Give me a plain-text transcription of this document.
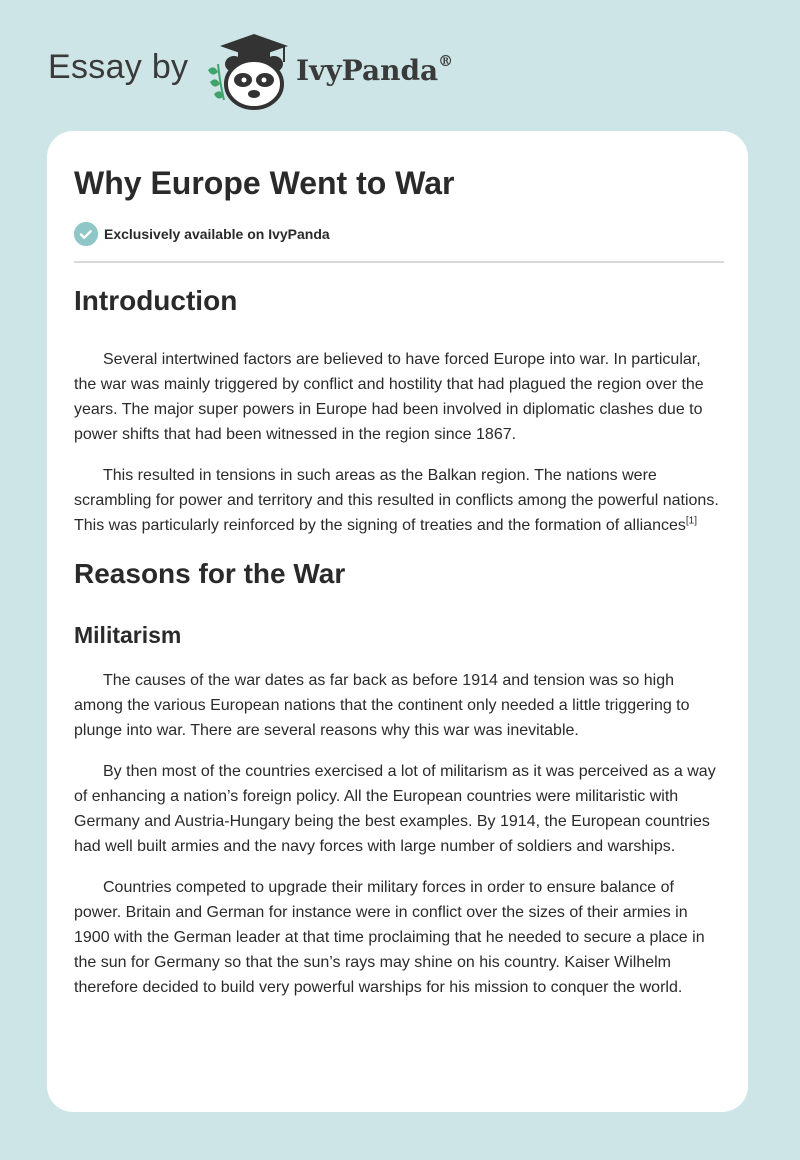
Essay by	IvyPanda®
Why Europe Went to War
Exclusively available on IvyPanda
Introduction

Several intertwined factors are believed to have forced Europe into war. In particular, the war was mainly triggered by conflict and hostility that had plagued the region over the years. The major super powers in Europe had been involved in diplomatic clashes due to power shifts that had been witnessed in the region since 1867.

This resulted in tensions in such areas as the Balkan region. The nations were scrambling for power and territory and this resulted in conflicts among the powerful nations. This was particularly reinforced by the signing of treaties and the formation of alliances[1]

Reasons for the War
Militarism

The causes of the war dates as far back as before 1914 and tension was so high among the various European nations that the continent only needed a little triggering to plunge into war. There are several reasons why this war was inevitable.

By then most of the countries exercised a lot of militarism as it was perceived as a way of enhancing a nation’s foreign policy. All the European countries were militaristic with Germany and Austria-Hungary being the best examples. By 1914, the European countries had well built armies and the navy forces with large number of soldiers and warships.

Countries competed to upgrade their military forces in order to ensure balance of power. Britain and German for instance were in conflict over the sizes of their armies in 1900 with the German leader at that time proclaiming that he needed to secure a place in the sun for Germany so that the sun’s rays may shine on his country. Kaiser Wilhelm therefore decided to build very powerful warships for his mission to conquer the world.
